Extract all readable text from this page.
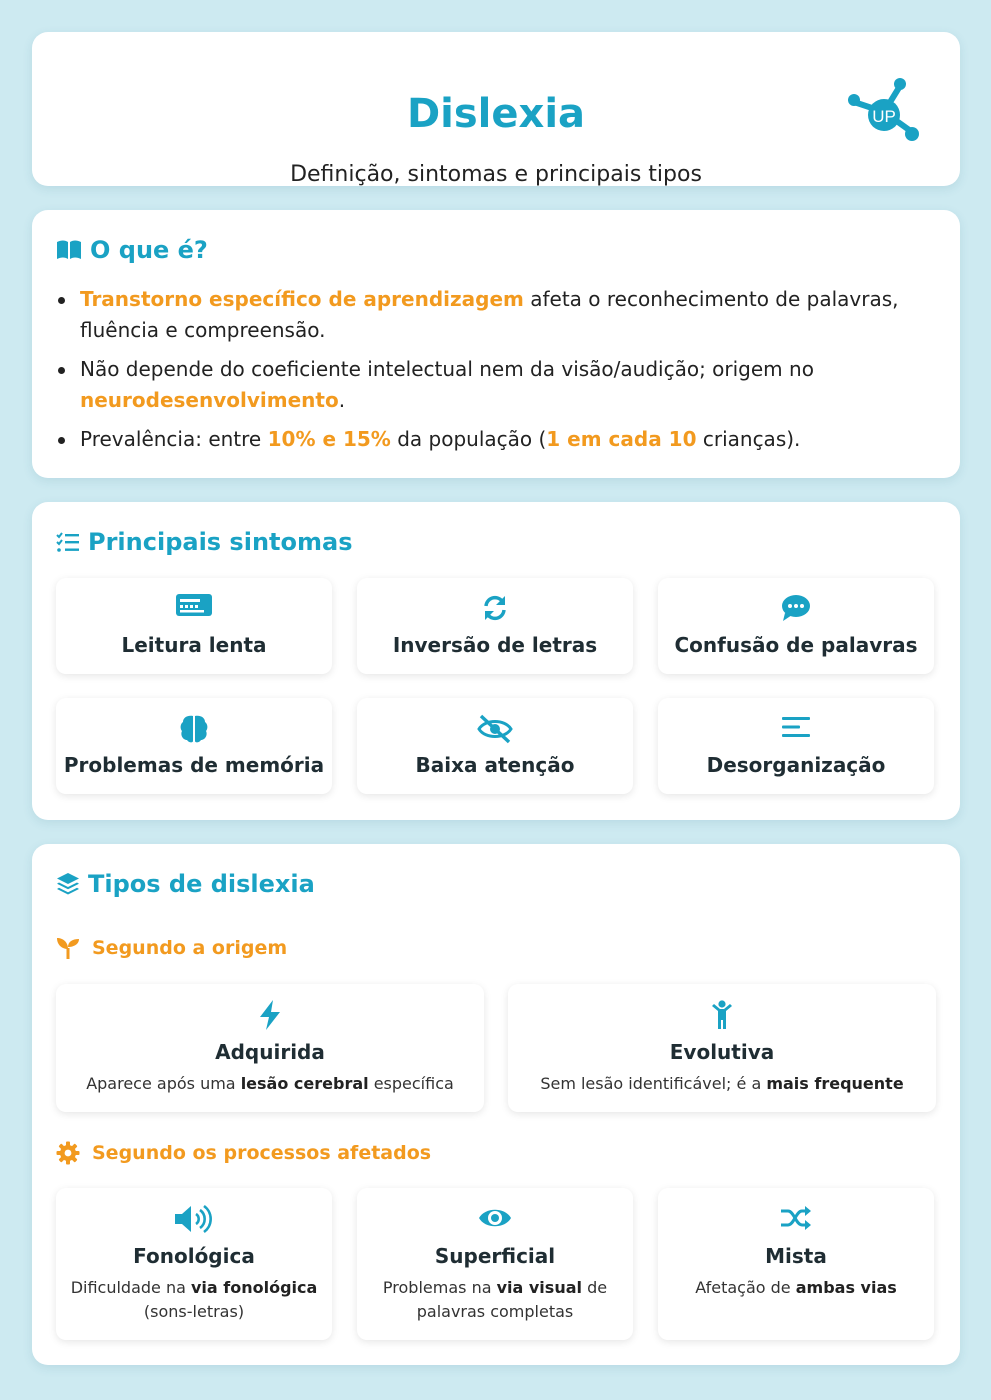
Dislexia
Definição, sintomas e principais tipos
UP
O que é?
Transtorno específico de aprendizagem afeta o reconhecimento de palavras, fluência e compreensão.
Não depende do coeficiente intelectual nem da visão/audição; origem no neurodesenvolvimento.
Prevalência: entre 10% e 15% da população (1 em cada 10 crianças).
Principais sintomas
Leitura lenta	Inversão de letras	Confusão de palavras
Problemas de memória	Baixa atenção	Desorganização
Tipos de dislexia
Segundo a origem
Adquirida
Aparece após uma lesão cerebral específica
Evolutiva
Sem lesão identificável; é a mais frequente
Segundo os processos afetados
Fonológica
Dificuldade na via fonológica (sons-letras)
Superficial
Problemas na via visual de palavras completas
Mista
Afetação de ambas vias
